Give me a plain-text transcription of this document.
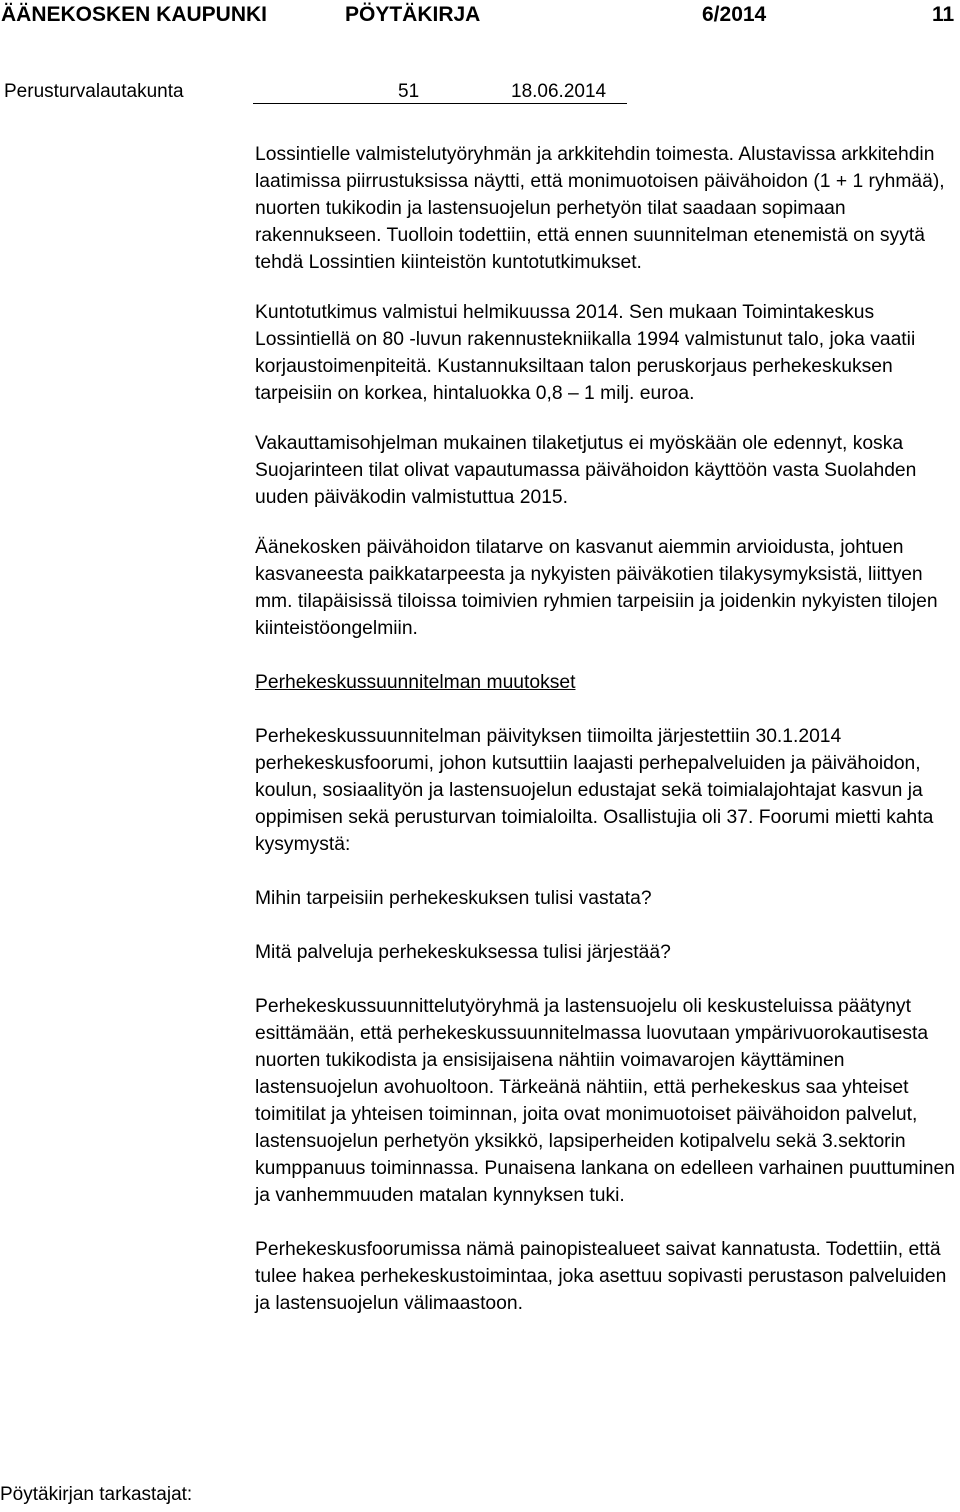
ÄÄNEKOSKEN KAUPUNKI	PÖYTÄKIRJA	6/2014	11
Perusturvalautakunta	51	18.06.2014

Lossintielle valmistelutyöryhmän ja arkkitehdin toimesta. Alustavissa arkkitehdin laatimissa piirrustuksissa näytti, että monimuotoisen päivähoidon (1 + 1 ryhmää), nuorten tukikodin ja lastensuojelun perhetyön tilat saadaan sopimaan rakennukseen. Tuolloin todettiin, että ennen suunnitelman etenemistä on syytä tehdä Lossintien kiinteistön kuntotutkimukset.

Kuntotutkimus valmistui helmikuussa 2014. Sen mukaan Toimintakeskus Lossintiellä on 80 -luvun rakennustekniikalla 1994 valmistunut talo, joka vaatii korjaustoimenpiteitä. Kustannuksiltaan talon peruskorjaus perhekeskuksen tarpeisiin on korkea, hintaluokka 0,8 – 1 milj. euroa.

Vakauttamisohjelman mukainen tilaketjutus ei myöskään ole edennyt, koska Suojarinteen tilat olivat vapautumassa päivähoidon käyttöön vasta Suolahden uuden päiväkodin valmistuttua 2015.

Äänekosken päivähoidon tilatarve on kasvanut aiemmin arvioidusta, johtuen kasvaneesta paikkatarpeesta ja nykyisten päiväkotien tilakysymyksistä, liittyen mm. tilapäisissä tiloissa toimivien ryhmien tarpeisiin ja joidenkin nykyisten tilojen kiinteistöongelmiin.

Perhekeskussuunnitelman muutokset

Perhekeskussuunnitelman päivityksen tiimoilta järjestettiin 30.1.2014 perhekeskusfoorumi, johon kutsuttiin laajasti perhepalveluiden ja päivähoidon, koulun, sosiaalityön ja lastensuojelun edustajat sekä toimialajohtajat kasvun ja oppimisen sekä perusturvan toimialoilta. Osallistujia oli 37. Foorumi mietti kahta kysymystä:

Mihin tarpeisiin perhekeskuksen tulisi vastata?

Mitä palveluja perhekeskuksessa tulisi järjestää?

Perhekeskussuunnittelutyöryhmä ja lastensuojelu oli keskusteluissa päätynyt esittämään, että perhekeskussuunnitelmassa luovutaan ympärivuorokautisesta nuorten tukikodista ja ensisijaisena nähtiin voimavarojen käyttäminen lastensuojelun avohuoltoon. Tärkeänä nähtiin, että perhekeskus saa yhteiset toimitilat ja yhteisen toiminnan, joita ovat monimuotoiset päivähoidon palvelut, lastensuojelun perhetyön yksikkö, lapsiperheiden kotipalvelu sekä 3.sektorin kumppanuus toiminnassa. Punaisena lankana on edelleen varhainen puuttuminen ja vanhemmuuden matalan kynnyksen tuki.

Perhekeskusfoorumissa nämä painopistealueet saivat kannatusta. Todettiin, että tulee hakea perhekeskustoimintaa, joka asettuu sopivasti perustason palveluiden ja lastensuojelun välimaastoon.

Pöytäkirjan tarkastajat:
